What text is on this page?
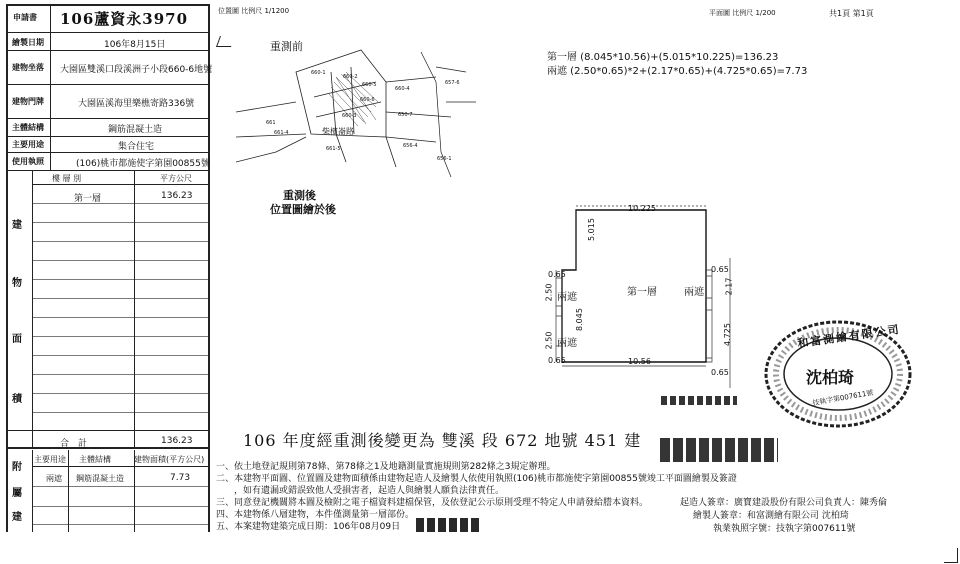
申請書 106蘆資永3970
繪製日期	106年8月15日
建物坐落 大園區雙溪口段溪洲子小段660-6地號
建物門牌	大園區溪海里樂樵寄路336號
主體結構	鋼筋混凝土造
主要用途	集合住宅
使用執照	(106)桃市都施使字第園00855號
建
物
面
積
樓 層 別	平方公尺
第一層	136.23
合　計	136.23
附
屬
建
主要用途 主體結構	建物面積(平方公尺)
兩遮 鋼筋混凝土造	7.73
位置圖 比例尺 1/1200
重測前
660-1
660-2
660-5
660-6
660-4
650-7
660-3
657-6
661
661-4
661-5	656-4
656-1
柴檳崙路
重測後
位置圖繪於後
平面圖 比例尺 1/200	共1頁 第1頁
第一層 (8.045*10.56)+(5.015*10.225)=136.23
兩遮 (2.50*0.65)*2+(2.17*0.65)+(4.725*0.65)=7.73
10.225
5.015
8.045
10.56
0.65
2.50
2.50
0.65
0.65
2.17
4.725
0.65
第一層
兩遮
兩遮
兩遮
沈柏琦
和富測繪有限公司
技執字第007611號
106 年度經重測後變更為 雙溪 段 672 地號 451 建
一、依土地登記規則第78條、第78條之1及地籍測量實施規則第282條之3規定辦理。
二、本建物平面圖、位置圖及建物面積係由建物起造人及繪製人依使用執照(106)桃市都施使字第園00855號竣工平面圖繪製及簽證
　　，如有遺漏或錯誤致他人受損害者，起造人與繪製人願負法律責任。
三、同意登記機關將本圖及檢附之電子檔資料建檔保管，及依登記公示原則受理不特定人申請發給謄本資料。
四、本建物係八層建物，本件僅測量第一層部份。
五、本案建物建築完成日期：106年08月09日
起造人簽章：廣寶建設股份有限公司負責人：陳秀倫
繪製人簽章：和富測繪有限公司 沈柏琦
執業執照字號：技執字第007611號
